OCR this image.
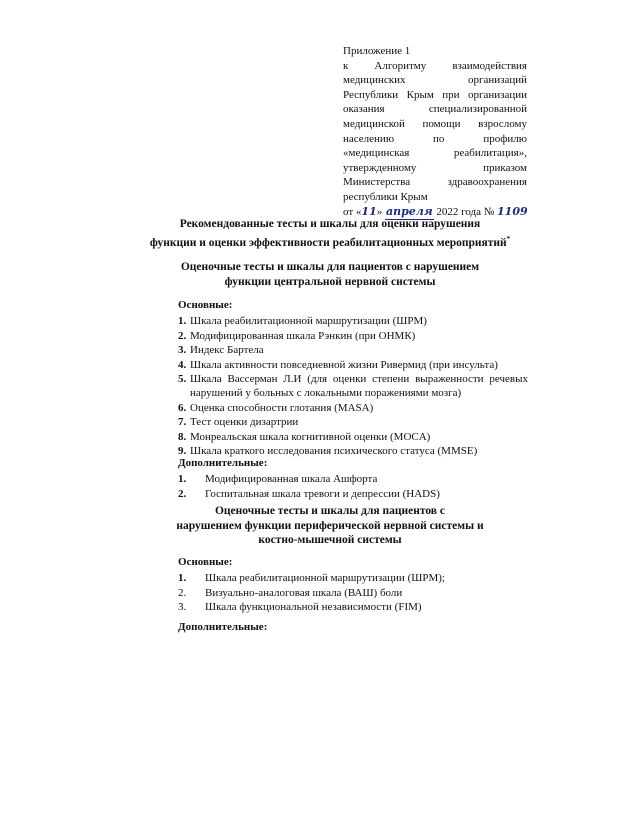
Приложение 1
к Алгоритму взаимодействия
медицинских организаций
Республики Крым при организации
оказания специализированной
медицинской помощи взрослому
населению по профилю
«медицинская реабилитация»,
утвержденному приказом
Министерства здравоохранения
республики Крым
от «11» апреля 2022 года № 1109
Рекомендованные тесты и шкалы для оценки нарушения
функции и оценки эффективности реабилитационных мероприятий*
Оценочные тесты и шкалы для пациентов с нарушением
функции центральной нервной системы
Основные:
1. Шкала реабилитационной маршрутизации (ШРМ)
2. Модифицированная шкала Рэнкин (при ОНМК)
3. Индекс Бартела
4. Шкала активности повседневной жизни Ривермид (при инсульта)
5. Шкала Вассерман Л.И (для оценки степени выраженности речевых нарушений у больных с локальными поражениями мозга)
6. Оценка способности глотания (MASA)
7. Тест оценки дизартрии
8. Монреальская шкала когнитивной оценки (MOCA)
9. Шкала краткого исследования психического статуса (MMSE)
Дополнительные:
1.	Модифицированная шкала Ашфорта
2.	Госпитальная шкала тревоги и депрессии (HADS)
Оценочные тесты и шкалы для пациентов с
нарушением функции периферической нервной системы и
костно-мышечной системы
Основные:
1.	Шкала реабилитационной маршрутизации (ШРМ);
2.	Визуально-аналоговая шкала (ВАШ) боли
3.	Шкала функциональной независимости (FIM)
Дополнительные:
